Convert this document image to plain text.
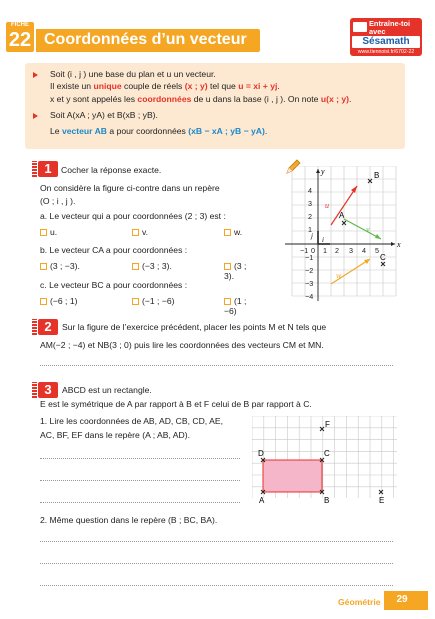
FICHE
22 Coordonnées d’un vecteur
Entraîne-toi
avec
Sésamath
www.tiennoisi.fr/6702-22
Soit (i , j ) une base du plan et u un vecteur.
Il existe un unique couple de réels (x ; y) tel que u = xi + yj.
x et y sont appelés les coordonnées de u dans la base (i , j ). On note u(x ; y).
Soit A(xA ; yA) et B(xB ; yB).
Le vecteur AB a pour coordonnées (xB − xA ; yB − yA).
1	Cocher la réponse exacte.
On considère la figure ci-contre dans un repère
(O ; i , j ).
a. Le vecteur qui a pour coordonnées (2 ; 3) est :
u.	v.	w.
b. Le vecteur CA a pour coordonnées :
(3 ; −3).	(−3 ; 3).	(3 ; 3).
c. Le vecteur BC a pour coordonnées :
(−6 ; 1)	(−1 ; −6)	(1 ; −6)
x
y
−1 0 1 2 3 4 5
4
3
2
1
−1
−2
−3
−4
i
j
u
v
w
A
B
C
2	Sur la figure de l’exercice précédent, placer les points M et N tels que
AM(−2 ; −4) et NB(3 ; 0) puis lire les coordonnées des vecteurs CM et MN.
3	ABCD est un rectangle.
E est le symétrique de A par rapport à B et F celui de B par rapport à C.
1. Lire les coordonnées de AB, AD, CB, CD, AE,
AC, BF, EF dans le repère (A ; AB, AD).
2. Même question dans le repère (B ; BC, BA).
A	B
C
D
E
F
Géométrie	29
